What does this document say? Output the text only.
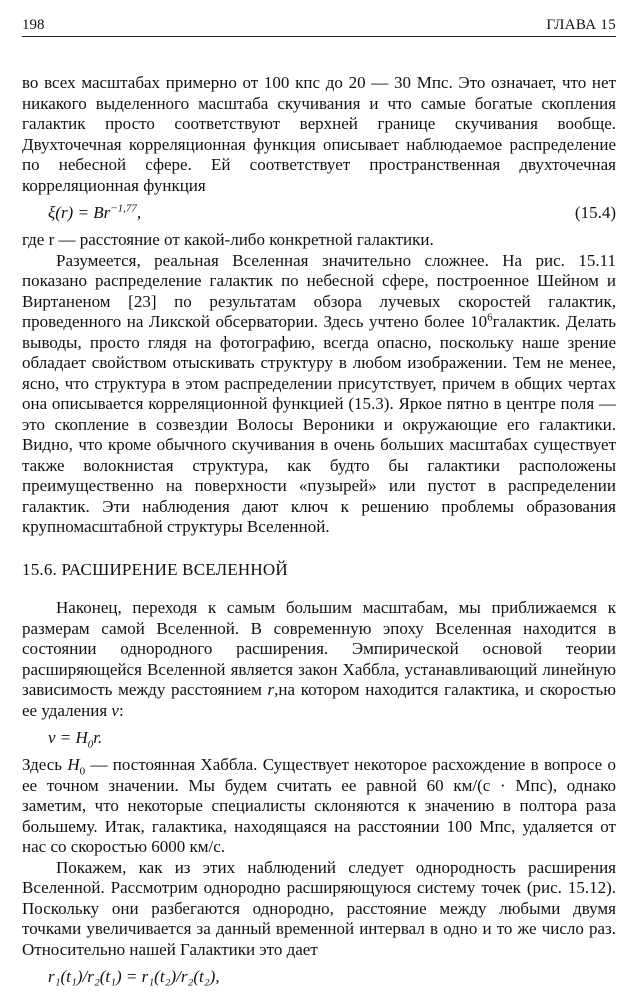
198	ГЛАВА 15

во всех масштабах примерно от 100 кпс до 20 — 30 Мпс. Это означает, что нет никакого выделенного масштаба скучивания и что самые богатые скопления галактик просто соответствуют верхней границе скучивания вообще. Двухточечная корреляционная функция описывает наблюдаемое распределение по небесной сфере. Ей соответствует пространственная двухточечная корреляционная функция

$\xi(r) = Br^{-1,77}$,	(15.4)

где r — расстояние от какой-либо конкретной галактики.

Разумеется, реальная Вселенная значительно сложнее. На рис. 15.11 показано распределение галактик по небесной сфере, построенное Шейном и Виртаненом [23] по результатам обзора лучевых скоростей галактик, проведенного на Ликской обсерватории. Здесь учтено более $10^6галактик$. Делать выводы, просто глядя на фотографию, всегда опасно, поскольку наше зрение обладает свойством отыскивать структуру в любом изображении. Тем не менее, ясно, что структура в этом распределении присутствует, причем в общих чертах она описывается корреляционной функцией (15.3). Яркое пятно в центре поля — это скопление в созвездии Волосы Вероники и окружающие его галактики. Видно, что кроме обычного скучивания в очень больших масштабах существует также волокнистая структура, как будто бы галактики расположены преимущественно на поверхности «пузырей» или пустот в распределении галактик. Эти наблюдения дают ключ к решению проблемы образования крупномасштабной структуры Вселенной.

15.6. РАСШИРЕНИЕ ВСЕЛЕННОЙ

Наконец, переходя к самым большим масштабам, мы приближаемся к размерам самой Вселенной. В современную эпоху Вселенная находится в состоянии однородного расширения. Эмпирической основой теории расширяющейся Вселенной является закон Хаббла, устанавливающий линейную зависимость между расстоянием r,на котором находится галактика, и скоростью ее удаления v:

$v = H_0r$.

Здесь $H_0$ — постоянная Хаббла. Существует некоторое расхождение в вопросе о ее точном значении. Мы будем считать ее равной 60 км/(с · Мпс), однако заметим, что некоторые специалисты склоняются к значению в полтора раза большему. Итак, галактика, находящаяся на расстоянии 100 Мпс, удаляется от нас со скоростью 6000 км/с.

Покажем, как из этих наблюдений следует однородность расширения Вселенной. Рассмотрим однородно расширяющуюся систему точек (рис. 15.12). Поскольку они разбегаются однородно, расстояние между любыми двумя точками увеличивается за данный временной интервал в одно и то же число раз. Относительно нашей Галактики это дает

r₁(t₁)/r₂(t₁) = r₁(t₂)/r₂(t₂),
